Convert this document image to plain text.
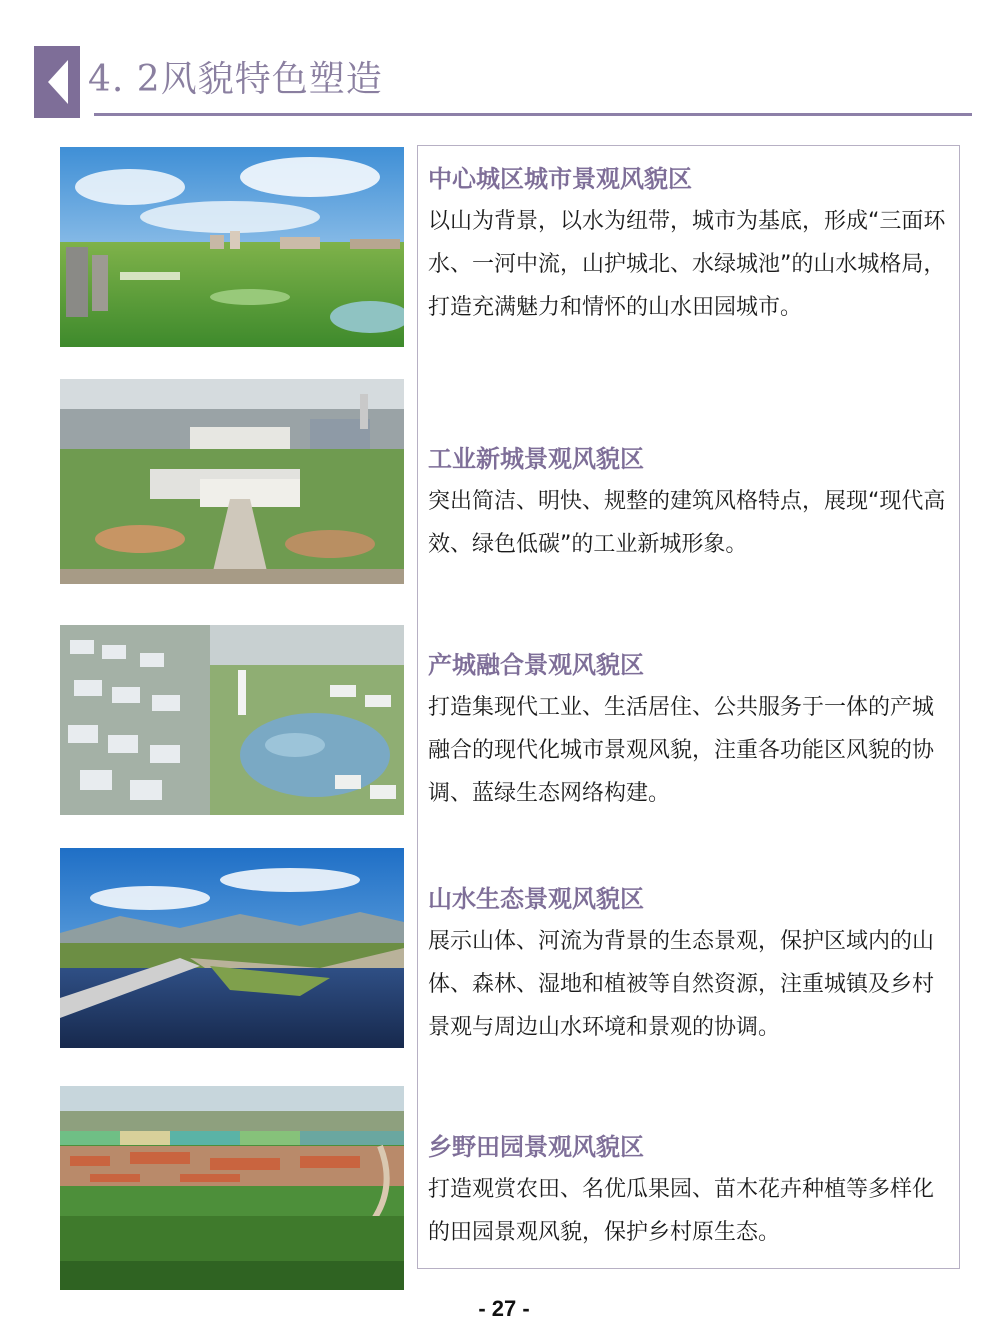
4. 2风貌特色塑造
中心城区城市景观风貌区

以山为背景，以水为纽带，城市为基底，形成“三面环水、一河中流，山护城北、水绿城池”的山水城格局，打造充满魅力和情怀的山水田园城市。

工业新城景观风貌区

突出简洁、明快、规整的建筑风格特点，展现“现代高效、绿色低碳”的工业新城形象。

产城融合景观风貌区

打造集现代工业、生活居住、公共服务于一体的产城融合的现代化城市景观风貌，注重各功能区风貌的协调、蓝绿生态网络构建。

山水生态景观风貌区

展示山体、河流为背景的生态景观，保护区域内的山体、森林、湿地和植被等自然资源，注重城镇及乡村景观与周边山水环境和景观的协调。

乡野田园景观风貌区

打造观赏农田、名优瓜果园、苗木花卉种植等多样化的田园景观风貌，保护乡村原生态。

- 27 -
